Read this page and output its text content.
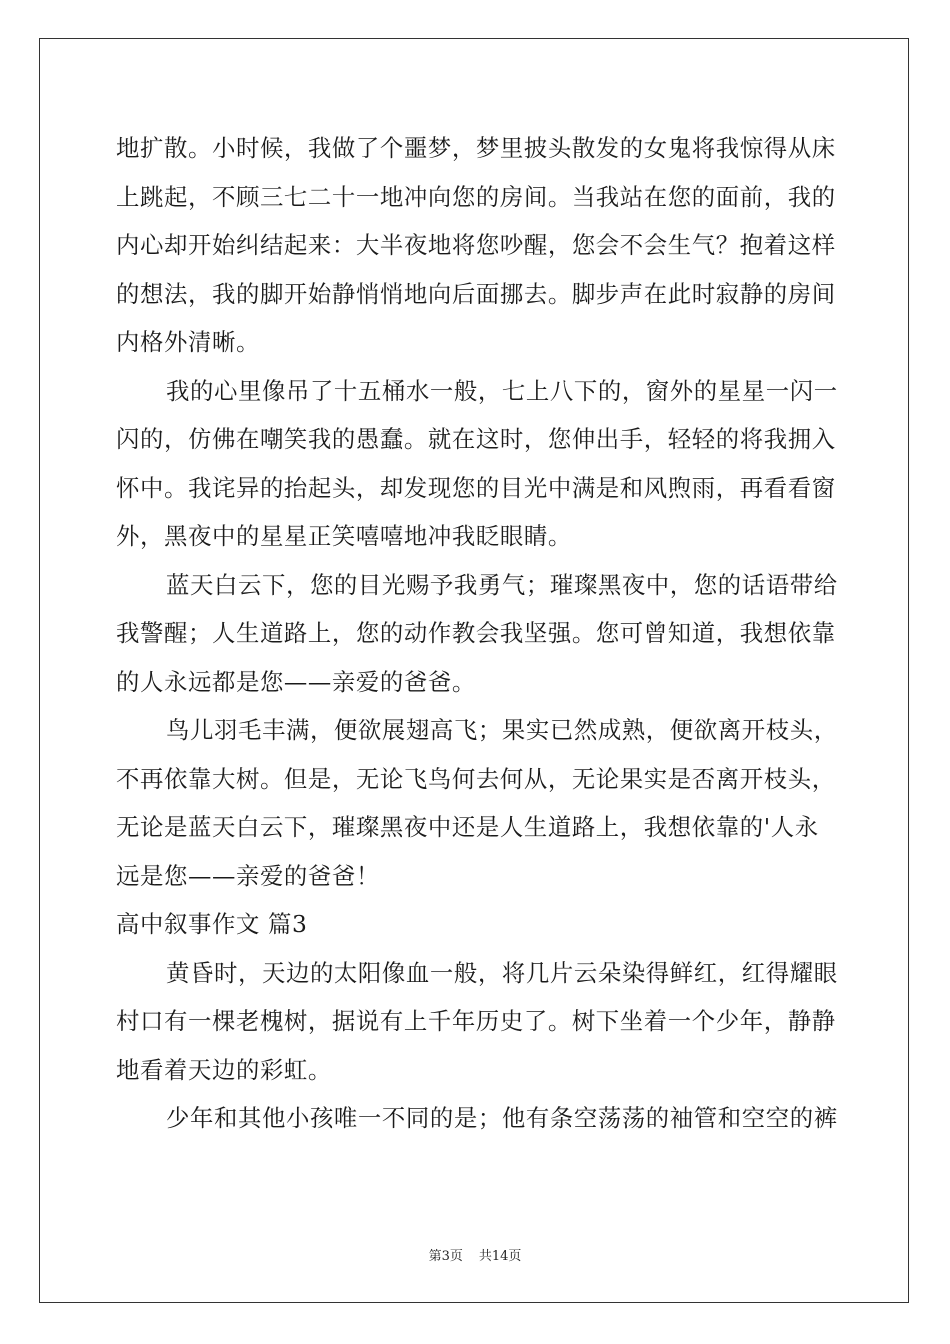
地扩散。小时候，我做了个噩梦，梦里披头散发的女鬼将我惊得从床
上跳起，不顾三七二十一地冲向您的房间。当我站在您的面前，我的
内心却开始纠结起来：大半夜地将您吵醒，您会不会生气？抱着这样
的想法，我的脚开始静悄悄地向后面挪去。脚步声在此时寂静的房间
内格外清晰。
我的心里像吊了十五桶水一般，七上八下的，窗外的星星一闪一
闪的，仿佛在嘲笑我的愚蠢。就在这时，您伸出手，轻轻的将我拥入
怀中。我诧异的抬起头，却发现您的目光中满是和风煦雨，再看看窗
外，黑夜中的星星正笑嘻嘻地冲我眨眼睛。
蓝天白云下，您的目光赐予我勇气；璀璨黑夜中，您的话语带给
我警醒；人生道路上，您的动作教会我坚强。您可曾知道，我想依靠
的人永远都是您——亲爱的爸爸。
鸟儿羽毛丰满，便欲展翅高飞；果实已然成熟，便欲离开枝头，
不再依靠大树。但是，无论飞鸟何去何从，无论果实是否离开枝头，
无论是蓝天白云下，璀璨黑夜中还是人生道路上，我想依靠的'人永
远是您——亲爱的爸爸！
高中叙事作文 篇3
黄昏时，天边的太阳像血一般，将几片云朵染得鲜红，红得耀眼
村口有一棵老槐树，据说有上千年历史了。树下坐着一个少年，静静
地看着天边的彩虹。
少年和其他小孩唯一不同的是；他有条空荡荡的袖管和空空的裤
第3页 共14页
